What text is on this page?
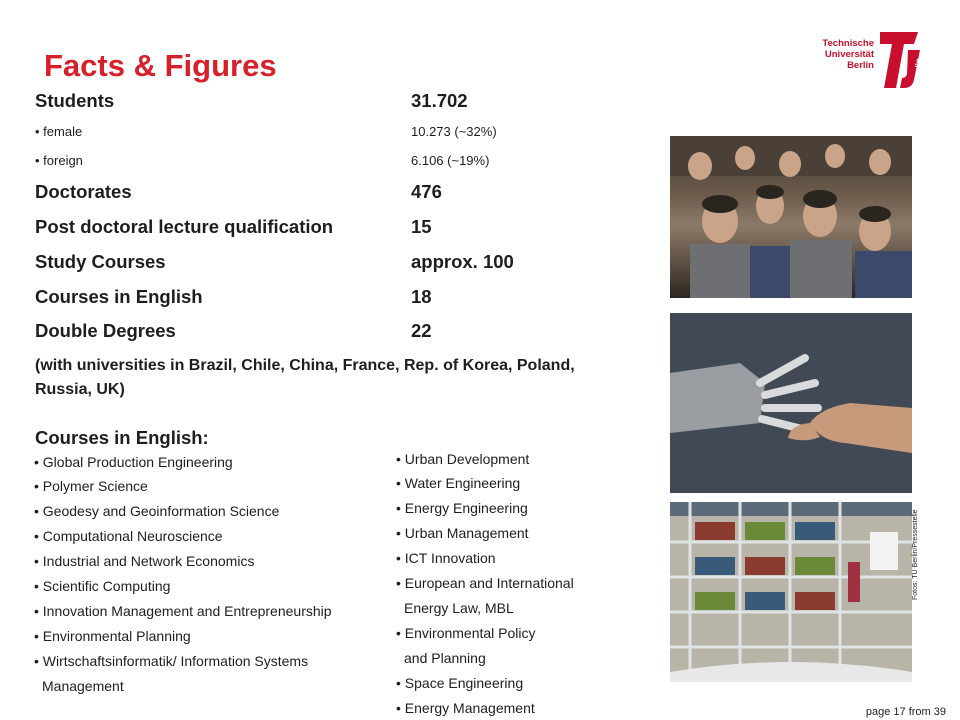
Facts & Figures
Technische
Universität
Berlin	berlin
Students	31.702
• female	10.273 (~32%)
• foreign	6.106 (~19%)
Doctorates	476
Post doctoral lecture qualification	15
Study Courses	approx. 100
Courses in English	18
Double Degrees	22
(with universities in Brazil, Chile, China, France, Rep. of Korea, Poland, Russia, UK)
Courses in English:
• Global Production Engineering
• Polymer Science
• Geodesy and Geoinformation Science
• Computational Neuroscience
• Industrial and Network Economics
• Scientific Computing
• Innovation Management and Entrepreneurship
• Environmental Planning
• Wirtschaftsinformatik/ Information Systems
Management
• Urban Development
• Water Engineering
• Energy Engineering
• Urban Management
• ICT Innovation
• European and International
Energy Law, MBL
• Environmental Policy
and Planning
• Space Engineering
• Energy Management
Fotos: TU Berlin/Pressestelle
page 17 from 39
